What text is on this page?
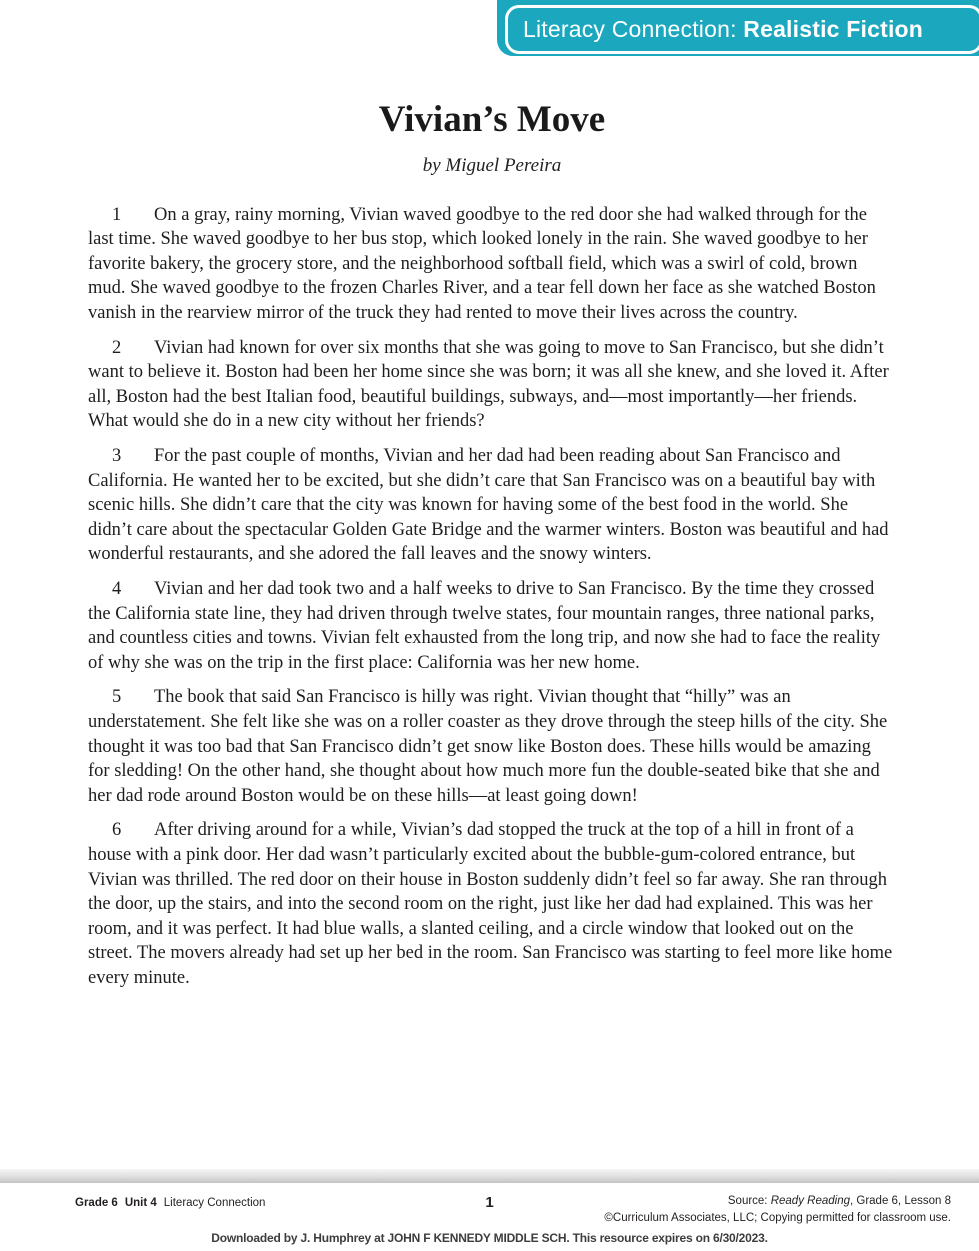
Literacy Connection: Realistic Fiction
Vivian’s Move
by Miguel Pereira

1 On a gray, rainy morning, Vivian waved goodbye to the red door she had walked through for the last time. She waved goodbye to her bus stop, which looked lonely in the rain. She waved goodbye to her favorite bakery, the grocery store, and the neighborhood softball field, which was a swirl of cold, brown mud. She waved goodbye to the frozen Charles River, and a tear fell down her face as she watched Boston vanish in the rearview mirror of the truck they had rented to move their lives across the country.

2 Vivian had known for over six months that she was going to move to San Francisco, but she didn’t want to believe it. Boston had been her home since she was born; it was all she knew, and she loved it. After all, Boston had the best Italian food, beautiful buildings, subways, and—most importantly—her friends. What would she do in a new city without her friends?

3 For the past couple of months, Vivian and her dad had been reading about San Francisco and California. He wanted her to be excited, but she didn’t care that San Francisco was on a beautiful bay with scenic hills. She didn’t care that the city was known for having some of the best food in the world. She didn’t care about the spectacular Golden Gate Bridge and the warmer winters. Boston was beautiful and had wonderful restaurants, and she adored the fall leaves and the snowy winters.

4 Vivian and her dad took two and a half weeks to drive to San Francisco. By the time they crossed the California state line, they had driven through twelve states, four mountain ranges, three national parks, and countless cities and towns. Vivian felt exhausted from the long trip, and now she had to face the reality of why she was on the trip in the first place: California was her new home.

5 The book that said San Francisco is hilly was right. Vivian thought that “hilly” was an understatement. She felt like she was on a roller coaster as they drove through the steep hills of the city. She thought it was too bad that San Francisco didn’t get snow like Boston does. These hills would be amazing for sledding! On the other hand, she thought about how much more fun the double-seated bike that she and her dad rode around Boston would be on these hills—at least going down!

6 After driving around for a while, Vivian’s dad stopped the truck at the top of a hill in front of a house with a pink door. Her dad wasn’t particularly excited about the bubble-gum-colored entrance, but Vivian was thrilled. The red door on their house in Boston suddenly didn’t feel so far away. She ran through the door, up the stairs, and into the second room on the right, just like her dad had explained. This was her room, and it was perfect. It had blue walls, a slanted ceiling, and a circle window that looked out on the street. The movers already had set up her bed in the room. San Francisco was starting to feel more like home every minute.

Grade 6 Unit 4 Literacy Connection	1	Source: Ready Reading, Grade 6, Lesson 8
©Curriculum Associates, LLC; Copying permitted for classroom use.
Downloaded by J. Humphrey at JOHN F KENNEDY MIDDLE SCH. This resource expires on 6/30/2023.
